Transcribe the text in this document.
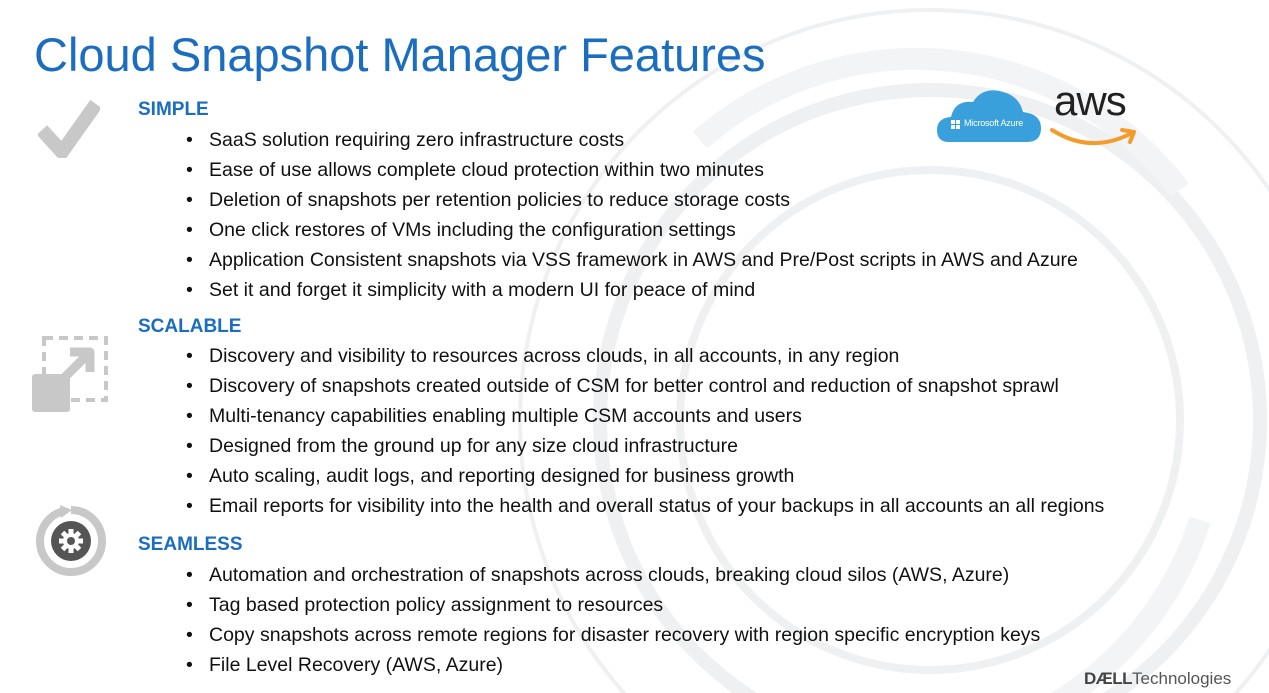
Cloud Snapshot Manager Features
Microsoft Azure aws
SIMPLE
• SaaS solution requiring zero infrastructure costs
• Ease of use allows complete cloud protection within two minutes
• Deletion of snapshots per retention policies to reduce storage costs
• One click restores of VMs including the configuration settings
• Application Consistent snapshots via VSS framework in AWS and Pre/Post scripts in AWS and Azure
• Set it and forget it simplicity with a modern UI for peace of mind
SCALABLE
• Discovery and visibility to resources across clouds, in all accounts, in any region
• Discovery of snapshots created outside of CSM for better control and reduction of snapshot sprawl
• Multi-tenancy capabilities enabling multiple CSM accounts and users
• Designed from the ground up for any size cloud infrastructure
• Auto scaling, audit logs, and reporting designed for business growth
• Email reports for visibility into the health and overall status of your backups in all accounts an all regions
SEAMLESS
• Automation and orchestration of snapshots across clouds, breaking cloud silos (AWS, Azure)
• Tag based protection policy assignment to resources
• Copy snapshots across remote regions for disaster recovery with region specific encryption keys
• File Level Recovery (AWS, Azure)
DÆLLTechnologies
